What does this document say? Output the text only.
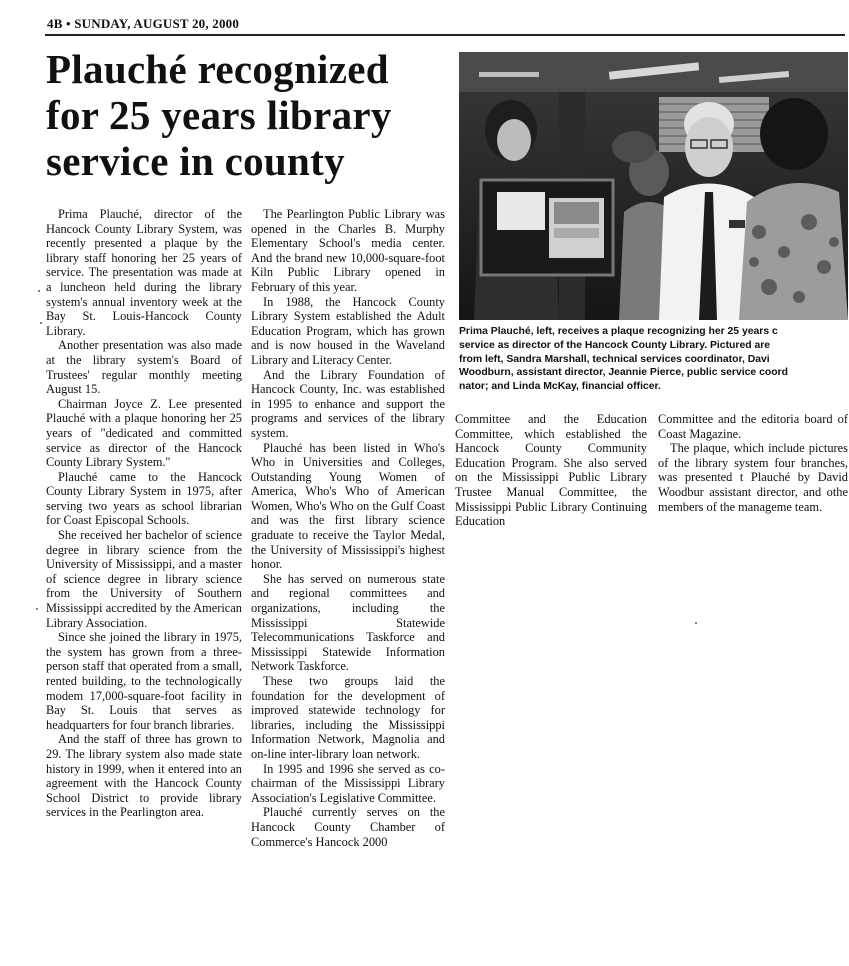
4B • SUNDAY, AUGUST 20, 2000
Plauché recognized
for 25 years library
service in county

Prima Plauché, director of the Hancock County Library System, was recently presented a plaque by the library staff honoring her 25 years of service. The presentation was made at a luncheon held during the library system's annual inventory week at the Bay St. Louis-Hancock County Library.

Another presentation was also made at the library system's Board of Trustees' regular monthly meeting August 15.

Chairman Joyce Z. Lee presented Plauché with a plaque honoring her 25 years of "dedicated and committed service as director of the Hancock County Library System."

Plauché came to the Hancock County Library System in 1975, after serving two years as school librarian for Coast Episcopal Schools.

She received her bachelor of science degree in library science from the University of Mississippi, and a master of science degree in library science from the University of Southern Mississippi accredited by the American Library Association.

Since she joined the library in 1975, the system has grown from a three-person staff that operated from a small, rented building, to the technologically modem 17,000-square-foot facility in Bay St. Louis that serves as headquarters for four branch libraries.

And the staff of three has grown to 29. The library system also made state history in 1999, when it entered into an agreement with the Hancock County School District to provide library services in the Pearlington area.

The Pearlington Public Library was opened in the Charles B. Murphy Elementary School's media center. And the brand new 10,000-square-foot Kiln Public Library opened in February of this year.

In 1988, the Hancock County Library System established the Adult Education Program, which has grown and is now housed in the Waveland Library and Literacy Center.

And the Library Foundation of Hancock County, Inc. was established in 1995 to enhance and support the programs and services of the library system.

Plauché has been listed in Who's Who in Universities and Colleges, Outstanding Young Women of America, Who's Who of American Women, Who's Who on the Gulf Coast and was the first library science graduate to receive the Taylor Medal, the University of Mississippi's highest honor.

She has served on numerous state and regional committees and organizations, including the Mississippi Statewide Telecommunications Taskforce and Mississippi Statewide Information Network Taskforce.

These two groups laid the foundation for the development of improved statewide technology for libraries, including the Mississippi Information Network, Magnolia and on-line inter-library loan network.

In 1995 and 1996 she served as co-chairman of the Mississippi Library Association's Legislative Committee.

Plauché currently serves on the Hancock County Chamber of Commerce's Hancock 2000

Prima Plauché, left, receives a plaque recognizing her 25 years c

service as director of the Hancock County Library. Pictured are

from left, Sandra Marshall, technical services coordinator, Davi

Woodburn, assistant director, Jeannie Pierce, public service coord

nator; and Linda McKay, financial officer.

Committee and the Education Committee, which established the Hancock County Community Education Program. She also served on the Mississippi Public Library Trustee Manual Committee, the Mississippi Public Library Continuing Education

Committee and the editoria board of Coast Magazine.

The plaque, which include pictures of the library system four branches, was presented t Plauché by David Woodbur assistant director, and othe members of the manageme team.
